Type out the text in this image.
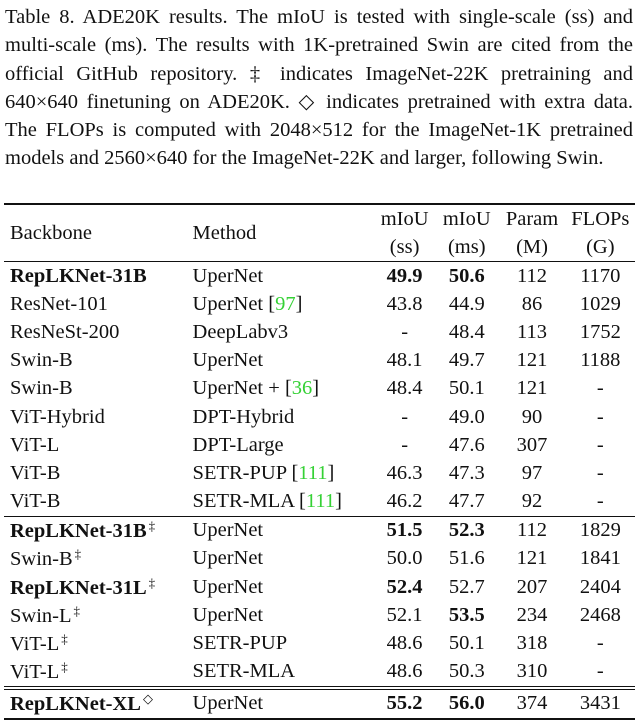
Table 8. ADE20K results. The mIoU is tested with single-scale (ss) and multi-scale (ms). The results with 1K-pretrained Swin are cited from the official GitHub repository. ‡ indicates ImageNet-22K pretraining and 640×640 finetuning on ADE20K. ◇ indicates pretrained with extra data. The FLOPs is computed with 2048×512 for the ImageNet-1K pretrained models and 2560×640 for the ImageNet-22K and larger, following Swin.
Backbone	Method	mIoU	mIoU	Param	FLOPs
		(ss)	(ms)	(M)	(G)
RepLKNet-31B	UperNet	49.9	50.6	112	1170
ResNet-101	UperNet [97]	43.8	44.9	86	1029
ResNeSt-200	DeepLabv3	-	48.4	113	1752
Swin-B	UperNet	48.1	49.7	121	1188
Swin-B	UperNet + [36]	48.4	50.1	121	-
ViT-Hybrid	DPT-Hybrid	-	49.0	90	-
ViT-L	DPT-Large	-	47.6	307	-
ViT-B	SETR-PUP [111]	46.3	47.3	97	-
ViT-B	SETR-MLA [111]	46.2	47.7	92	-
RepLKNet-31B ‡	UperNet	51.5	52.3	112	1829
Swin-B ‡	UperNet	50.0	51.6	121	1841
RepLKNet-31L ‡	UperNet	52.4	52.7	207	2404
Swin-L ‡	UperNet	52.1	53.5	234	2468
ViT-L ‡	SETR-PUP	48.6	50.1	318	-
ViT-L ‡	SETR-MLA	48.6	50.3	310	-
RepLKNet-XL ◇	UperNet	55.2	56.0	374	3431
